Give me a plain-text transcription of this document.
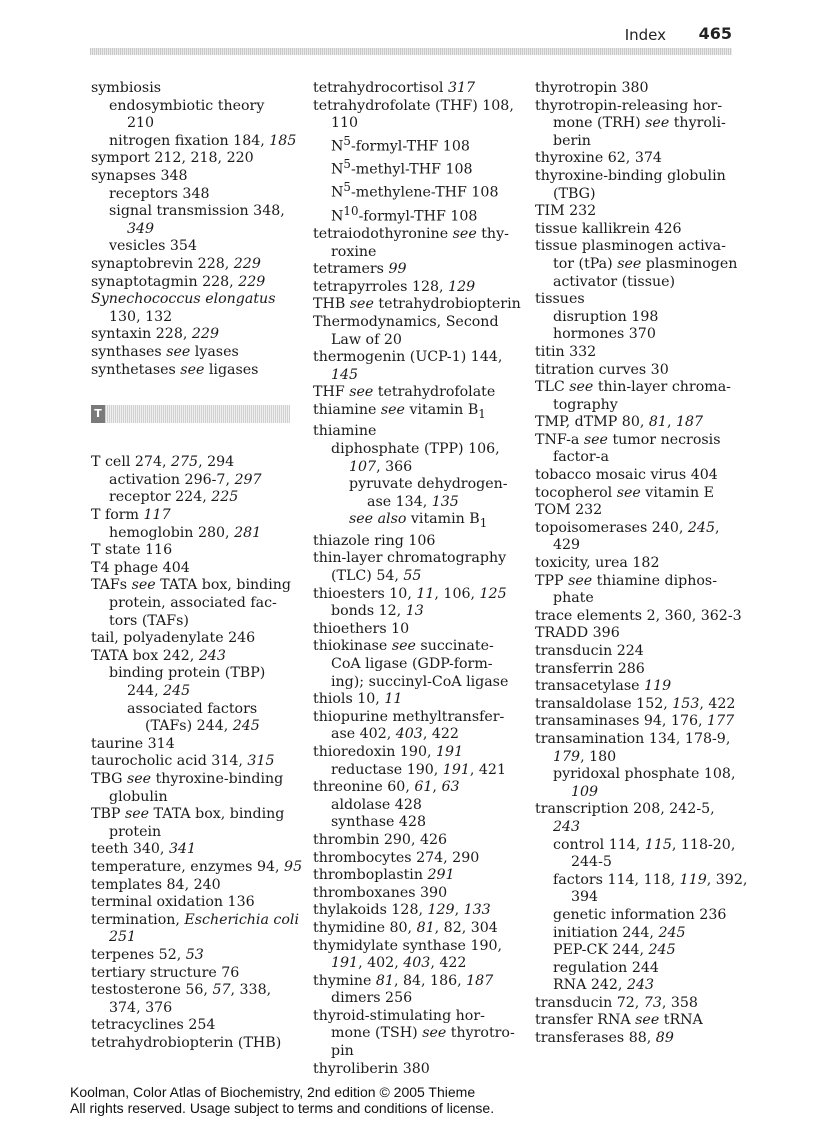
Index 465
symbiosis
endosymbiotic theory
210
nitrogen fixation 184, 185
symport 212, 218, 220
synapses 348
receptors 348
signal transmission 348,
349
vesicles 354
synaptobrevin 228, 229
synaptotagmin 228, 229
Synechococcus elongatus
130, 132
syntaxin 228, 229
synthases see lyases
synthetases see ligases
T
T cell 274, 275, 294
activation 296-7, 297
receptor 224, 225
T form 117
hemoglobin 280, 281
T state 116
T4 phage 404
TAFs see TATA box, binding
protein, associated fac-
tors (TAFs)
tail, polyadenylate 246
TATA box 242, 243
binding protein (TBP)
244, 245
associated factors
(TAFs) 244, 245
taurine 314
taurocholic acid 314, 315
TBG see thyroxine-binding
globulin
TBP see TATA box, binding
protein
teeth 340, 341
temperature, enzymes 94, 95
templates 84, 240
terminal oxidation 136
termination, Escherichia coli
251
terpenes 52, 53
tertiary structure 76
testosterone 56, 57, 338,
374, 376
tetracyclines 254
tetrahydrobiopterin (THB)
tetrahydrocortisol 317
tetrahydrofolate (THF) 108,
110
$N^5-formyl$-THF 108
$N^5-methyl$-THF 108
$N^5-methylene$-THF 108
$N^{10}-formyl$-THF 108
tetraiodothyronine see thy-
roxine
tetramers 99
tetrapyrroles 128, 129
THB see tetrahydrobiopterin
Thermodynamics, Second
Law of 20
thermogenin (UCP-1) 144,
145
THF see tetrahydrofolate
thiamine see vitamin $B_1$
thiamine
diphosphate (TPP) 106,
107, 366
pyruvate dehydrogen-
ase 134, 135
see also vitamin $B_1$
thiazole ring 106
thin-layer chromatography
(TLC) 54, 55
thioesters 10, 11, 106, 125
bonds 12, 13
thioethers 10
thiokinase see succinate-
CoA ligase (GDP-form-
ing); succinyl-CoA ligase
thiols 10, 11
thiopurine methyltransfer-
ase 402, 403, 422
thioredoxin 190, 191
reductase 190, 191, 421
threonine 60, 61, 63
aldolase 428
synthase 428
thrombin 290, 426
thrombocytes 274, 290
thromboplastin 291
thromboxanes 390
thylakoids 128, 129, 133
thymidine 80, 81, 82, 304
thymidylate synthase 190,
191, 402, 403, 422
thymine 81, 84, 186, 187
dimers 256
thyroid-stimulating hor-
mone (TSH) see thyrotro-
pin
thyroliberin 380
thyrotropin 380
thyrotropin-releasing hor-
mone (TRH) see thyroli-
berin
thyroxine 62, 374
thyroxine-binding globulin
(TBG)
TIM 232
tissue kallikrein 426
tissue plasminogen activa-
tor (tPa) see plasminogen
activator (tissue)
tissues
disruption 198
hormones 370
titin 332
titration curves 30
TLC see thin-layer chroma-
tography
TMP, dTMP 80, 81, 187
TNF-a see tumor necrosis
factor-a
tobacco mosaic virus 404
tocopherol see vitamin E
TOM 232
topoisomerases 240, 245,
429
toxicity, urea 182
TPP see thiamine diphos-
phate
trace elements 2, 360, 362-3
TRADD 396
transducin 224
transferrin 286
transacetylase 119
transaldolase 152, 153, 422
transaminases 94, 176, 177
transamination 134, 178-9,
179, 180
pyridoxal phosphate 108,
109
transcription 208, 242-5,
243
control 114, 115, 118-20,
244-5
factors 114, 118, 119, 392,
394
genetic information 236
initiation 244, 245
PEP-CK 244, 245
regulation 244
RNA 242, 243
transducin 72, 73, 358
transfer RNA see tRNA
transferases 88, 89
Koolman, Color Atlas of Biochemistry, 2nd edition © 2005 Thieme
All rights reserved. Usage subject to terms and conditions of license.
